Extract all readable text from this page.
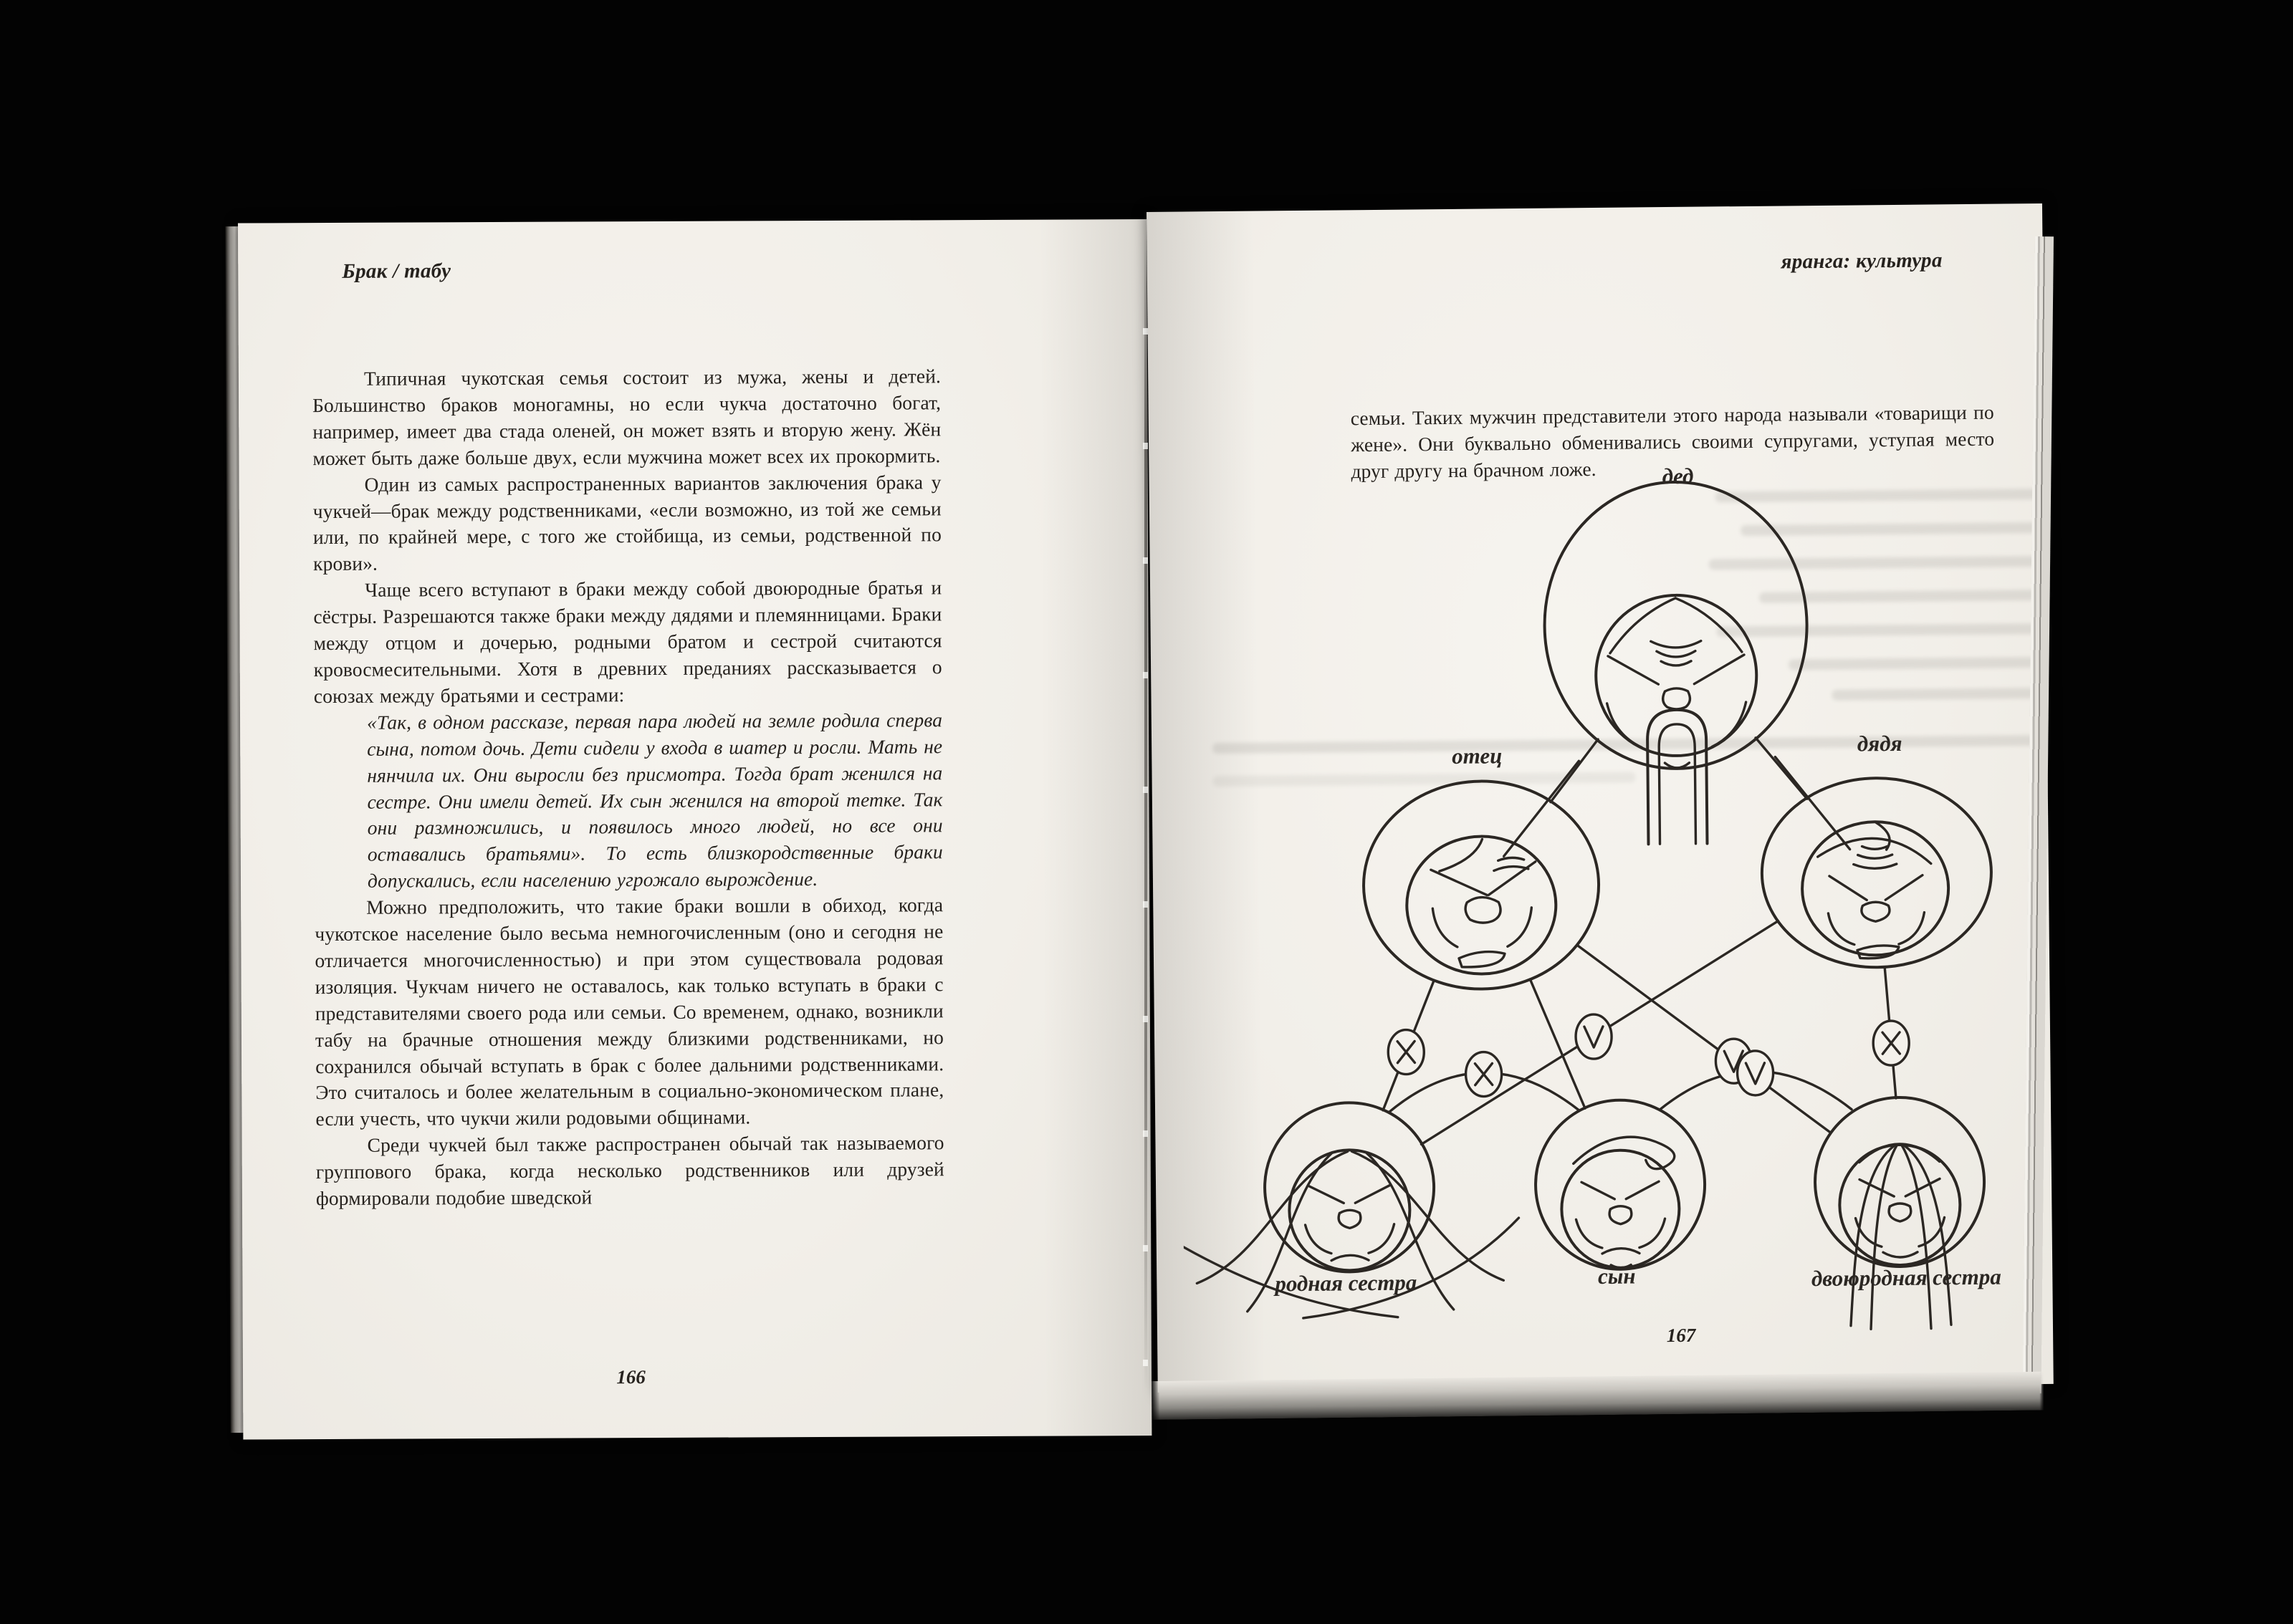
Брак / табу

Типичная чукотская семья состоит из мужа, жены и детей. Большинство браков моногамны, но если чукча достаточно богат, например, имеет два стада оленей, он может взять и вторую жену. Жён может быть даже больше двух, если мужчина может всех их прокормить.

Один из самых распространенных вариантов заключения брака у чукчей—брак между родственниками, «если возможно, из той же семьи или, по крайней мере, с того же стойбища, из семьи, родственной по крови».

Чаще всего вступают в браки между собой двоюродные братья и сёстры. Разрешаются также браки между дядями и племянницами. Браки между отцом и дочерью, родными братом и сестрой считаются кровосмесительными. Хотя в древних преданиях рассказывается о союзах между братьями и сестрами:

«Так, в одном рассказе, первая пара людей на земле родила сперва сына, потом дочь. Дети сидели у входа в шатер и росли. Мать не нянчила их. Они выросли без присмотра. Тогда брат женился на сестре. Они имели детей. Их сын женился на второй тетке. Так они размножились, и появилось много людей, но все они оставались братьями». То есть близкородственные браки допускались, если населению угрожало вырождение.

Можно предположить, что такие браки вошли в обиход, когда чукотское население было весьма немногочисленным (оно и сегодня не отличается многочисленностью) и при этом существовала родовая изоляция. Чукчам ничего не оставалось, как только вступать в браки с представителями своего рода или семьи. Со временем, однако, возникли табу на брачные отношения между близкими родственниками, но сохранился обычай вступать в брак с более дальними родственниками. Это считалось и более желательным в социально-экономическом плане, если учесть, что чукчи жили родовыми общинами.

Среди чукчей был также распространен обычай так называемого группового брака, когда несколько родственников или друзей формировали подобие шведской

166
яранга: культура

семьи. Таких мужчин представители этого народа называли «товарищи по жене». Они буквально обменивались своими супругами, уступая место друг другу на брачном ложе.	дед
отец	дядя
родная сестра	сын	двоюродная сестра
167
